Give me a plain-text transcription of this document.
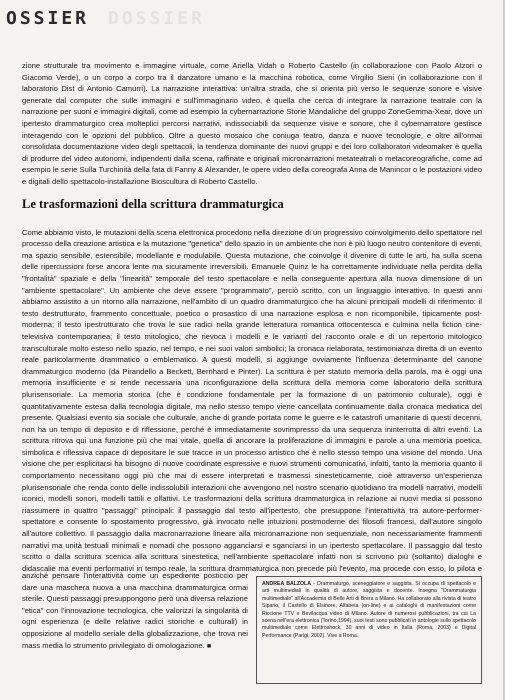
DOSSIER
OSSIER

zione strutturale tra movimento e immagine virtuale, come Ariella Vidah o Roberto Castello (in collaborazione con Paolo Atzori o Giacomo Verde), o un corpo a corpo tra il danzatore umano e la macchina robotica, come Virgilio Sieni (in collaborazione con il laboratorio Dist di Antonio Camurri). La narrazione interattiva: un'altra strada, che si orienta più verso le sequenze sonore e visive generate dal computer che sulle immagini e sull'immaginario video, è quella che cerca di integrare la narrazione teatrale con la narrazione per suoni e immagini digitali, come ad esempio la cybernarrazione Storie Mandaliche del gruppo ZoneGemma-Xear, dove un ipertesto drammaturgico crea molteplici percorsi narrativi, indissociabili da sequenze visive e sonore, che il cybernarratore gestisce interagendo con le opzioni del pubblico. Oltre a questo mosaico che coniuga teatro, danza e nuove tecnologie, e oltre all'ormai consolidata documentazione video degli spettacoli, la tendenza dominante dei nuovi gruppi e dei loro collaboratori videomaker è quella di produrre del video autonomi, indipendenti dalla scena, raffinate e originali micronarrazioni metateatrali o metacoreografiche, come ad esempio le serie Sulla Turchinità della fata di Fanny & Alexander, le opere video della coreografa Anna de Manincor o le postazioni video e digitali dello spettacolo-installazione Bioscultura di Roberto Castello.

Le trasformazioni della scrittura drammaturgica

Come abbiamo visto, le mutazioni della scena elettronica procedono nella direzione di un progressivo coinvolgimento dello spettatore nel processo della creazione artistica e la mutazione "genetica" dello spazio in un ambiente che non è più luogo neutro contenitore di eventi, ma spazio sensibile, estensibile, modellante e modulabile. Questa mutazione, che coinvolge il divenire di tutte le arti, ha sulla scena delle ripercussioni forse ancora lente ma sicuramente irreversibili. Emanuele Quinz le ha correttamente individuate nella perdita della "frontalità" spaziale e della "linearità" temporale del testo spettacolare e nella conseguente apertura alla nuova dimensione di un "ambiente spettacolare". Un ambiente che deve essere "programmato", perciò scritto, con un linguaggio interattivo. In questi anni abbiamo assistito a un ritorno alla narrazione, nell'ambito di un quadro drammaturgico che ha alcuni principali modelli di riferimento: il testo destrutturato, frammento concettuale, poetico o prosastico di una narrazione esplosa e non ricomponibile, tipicamente post-moderna; il testo ipestrutturato che trova le sue radici nella grande letteratura romantica ottocentesca e culmina nella fiction cine-televisiva contemporanea; il testo mitologico, che rievoca i modelli e le varianti del racconto orale e di un repertorio mitologico transculturale molto esteso nello spazio, nel tempo, e nei suoi valori simbolici; la cronaca rielaborata, testimonianza diretta di un evento reale particolarmente drammatico o emblematico. A questi modelli, si aggiunge ovviamente l'influenza determinante del canone drammaturgico moderno (da Pirandello a Beckett, Bernhard e Pinter). La scrittura è per statuto memoria della parola, ma è oggi una memoria insufficiente e si rende necessaria una riconfigurazione della scrittura della memoria come laboratorio della scrittura plurisensoriale. La memoria storica (che è condizione fondamentale per la formazione di un patrimonio culturale), oggi è quantitativamente estesa dalla tecnologia digitale, ma nello stesso tempo viene cancellata continuamente dalla cronaca mediatica del presente. Qualsiasi evento sia sociale che culturale, anche di grande portata come le guerre e le catastrofi umanitarie di questi decenni, non ha un tempo di deposito e di riflessione, perché è immediatamente sovrimpresso da una sequenza ininterrotta di altri eventi. La scrittura ritrova qui una funzione più che mai vitale, quella di ancorare la proliferazione di immagini e parole a una memoria poetica, simbolica e riflessiva capace di depositare le sue tracce in un processo artistico che è nello stesso tempo una visione del mondo. Una visione che per esplicitarsi ha bisogno di nuove coordinate espressive e nuovi strumenti comunicativi, infatti, tanto la memoria quanto il comportamento necessitano oggi più che mai di essere interpretati e trasmessi sinesteticamente, cioè attraverso un'esperienza plurisensoriale che renda conto delle indissolubili interazioni che avvengono nel nostro scenario quotidiano tra modelli narrativi, modelli iconici, modelli sonori, modelli tattili e olfattivi. Le trasformazioni della scrittura drammaturgica in relazione ai nuovi media si possono riassumere in quattro "passaggi" principali: il passaggio dal testo all'ipertesto, che presuppone l'interattività tra autore-performer-spettatore e consente lo spostamento progressivo, già invocato nelle intuizioni postmoderne dei filosofi francesi, dall'autore singolo all'autore collettivo. Il passaggio dalla macronarrazione lineare alla micronarrazione non sequenziale, non necessariamente frammenti narrativi ma unità testuali minimali e nomadi che possono agganciarsi e sganciarsi in un ipertesto spettacolare. Il passaggio dal testo scritto o dalla scrittura scenica alla scrittura sinestetica, nell'ambiente spettacolare infatti non si scrivono più (soltanto) dialoghi e didascalie ma eventi performativi in tempo reale, la scrittura drammaturgica non precede più l'evento, ma procede con esso, lo pilota e

anziché pensare l'interattività come un espediente posticcio per dare una maschera nuova a una macchina drammaturgica ormai sterile. Questi passaggi presuppongono però una diversa relazione "etica" con l'innovazione tecnologica, che valorizzi la singolarità di ogni esperienza (e delle relative radici storiche e culturali) in opposizione al modello seriale della globalizzazione, che trova nei mass media lo strumento privilegiato di omologazione. ■
ANDREA BALZOLA - Drammaturgo, sceneggiatore e saggista. Si occupa di spettacolo e arti multimediali in qualità di autore, saggista e docente. Insegna "Drammaturgia multimediale" all'Accademia di Belle Arti di Brera a Milano. Ha collaborato alla rivista di teatro Sipario, il Castello di Elsinore, Alfabeta (on-line) e ai cataloghi di manifestazioni come Riccione TTV e Bevilacqua video di Milano. Autore di numerosi pubblicazioni, tra cui La scena nell'era elettronica (Torino,1994), suoi testi sono pubblicati in antologie sullo spettacolo multimediale come Elettroshock, 30 anni di video in Italia (Roma, 2003) e Digital Performance (Parigi, 2002). Vive a Roma.
